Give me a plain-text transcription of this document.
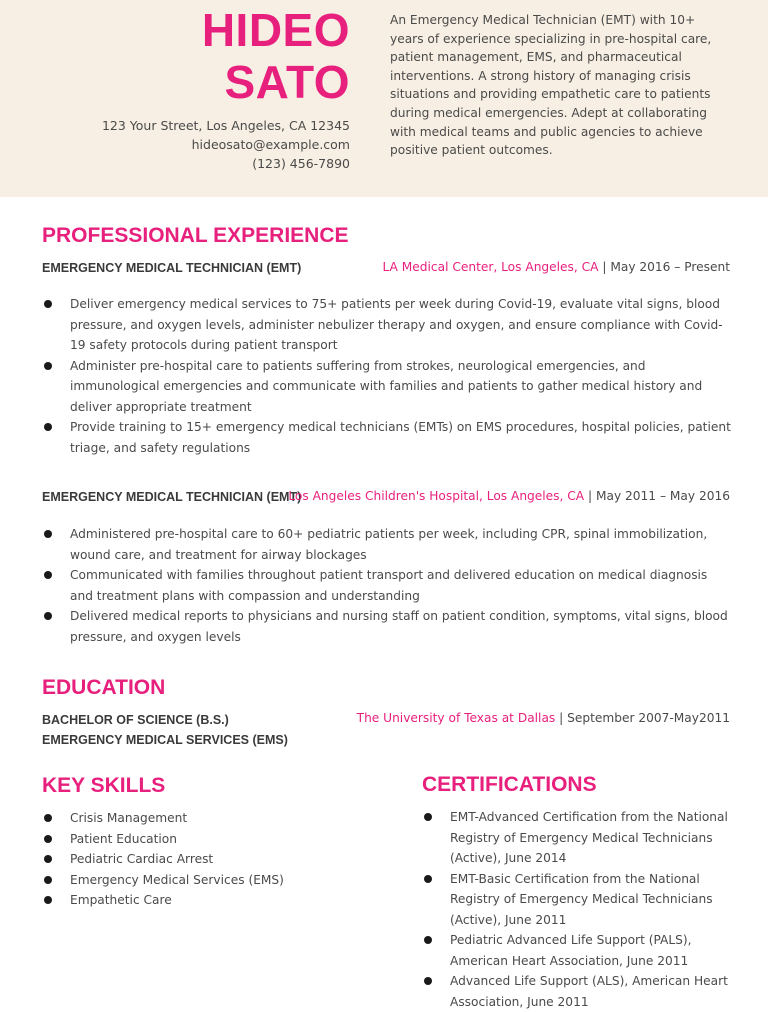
HIDEO
SATO
123 Your Street, Los Angeles, CA 12345
hideosato@example.com
(123) 456-7890
An Emergency Medical Technician (EMT) with 10+ years of experience specializing in pre-hospital care, patient management, EMS, and pharmaceutical interventions. A strong history of managing crisis situations and providing empathetic care to patients during medical emergencies. Adept at collaborating with medical teams and public agencies to achieve positive patient outcomes.
PROFESSIONAL EXPERIENCE
EMERGENCY MEDICAL TECHNICIAN (EMT)	LA Medical Center, Los Angeles, CA | May 2016 – Present
Deliver emergency medical services to 75+ patients per week during Covid-19, evaluate vital signs, blood pressure, and oxygen levels, administer nebulizer therapy and oxygen, and ensure compliance with Covid-19 safety protocols during patient transport
Administer pre-hospital care to patients suffering from strokes, neurological emergencies, and immunological emergencies and communicate with families and patients to gather medical history and deliver appropriate treatment
Provide training to 15+ emergency medical technicians (EMTs) on EMS procedures, hospital policies, patient triage, and safety regulations
EMERGENCY MEDICAL TECHNICIAN (EMT)
Los Angeles Children's Hospital, Los Angeles, CA | May 2011 – May 2016
Administered pre-hospital care to 60+ pediatric patients per week, including CPR, spinal immobilization, wound care, and treatment for airway blockages
Communicated with families throughout patient transport and delivered education on medical diagnosis and treatment plans with compassion and understanding
Delivered medical reports to physicians and nursing staff on patient condition, symptoms, vital signs, blood pressure, and oxygen levels
EDUCATION
BACHELOR OF SCIENCE (B.S.)
EMERGENCY MEDICAL SERVICES (EMS)
The University of Texas at Dallas | September 2007-May2011
KEY SKILLS
Crisis Management
Patient Education
Pediatric Cardiac Arrest
Emergency Medical Services (EMS)
Empathetic Care
CERTIFICATIONS
EMT-Advanced Certification from the National Registry of Emergency Medical Technicians (Active), June 2014
EMT-Basic Certification from the National Registry of Emergency Medical Technicians (Active), June 2011
Pediatric Advanced Life Support (PALS), American Heart Association, June 2011
Advanced Life Support (ALS), American Heart Association, June 2011
